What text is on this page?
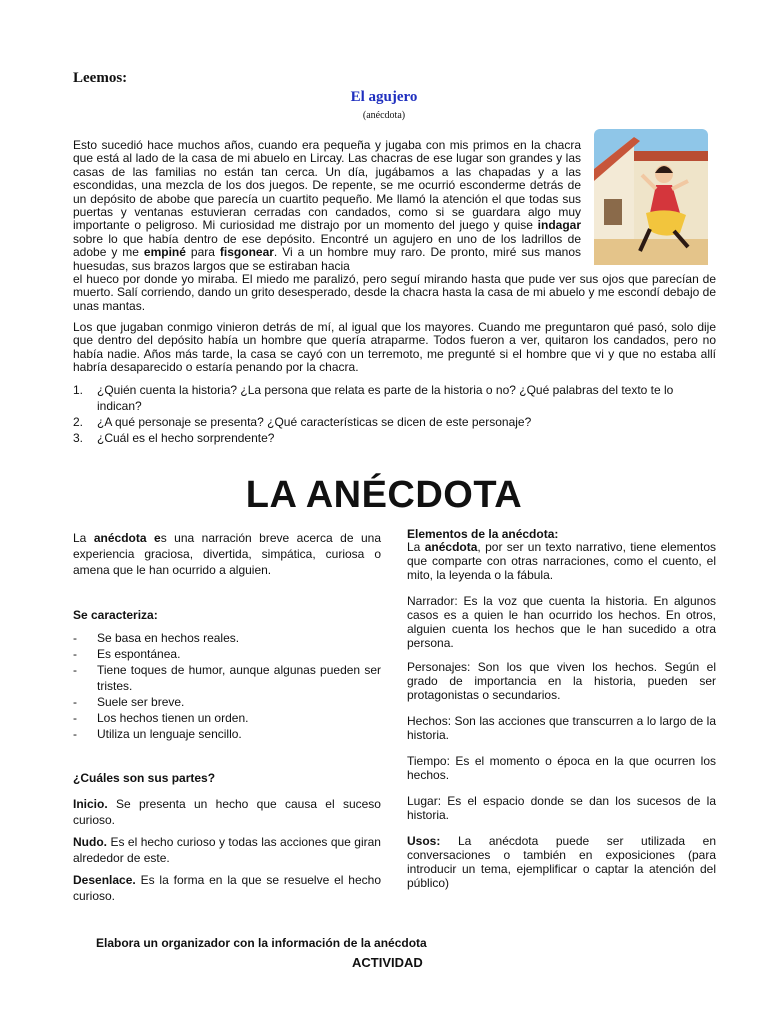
Leemos:
El agujero
(anécdota)
Esto sucedió hace muchos años, cuando era pequeña y jugaba con mis primos en la chacra que está al lado de la casa de mi abuelo en Lircay. Las chacras de ese lugar son grandes y las casas de las familias no están tan cerca. Un día, jugábamos a las chapadas y a las escondidas, una mezcla de los dos juegos. De repente, se me ocurrió esconderme detrás de un depósito de abobe que parecía un cuartito pequeño. Me llamó la atención el que todas sus puertas y ventanas estuvieran cerradas con candados, como si se guardara algo muy importante o peligroso. Mi curiosidad me distrajo por un momento del juego y quise indagar sobre lo que había dentro de ese depósito. Encontré un agujero en uno de los ladrillos de adobe y me empiné para fisgonear. Vi a un hombre muy raro. De pronto, miré sus manos huesudas, sus brazos largos que se estiraban hacia
el hueco por donde yo miraba. El miedo me paralizó, pero seguí mirando hasta que pude ver sus ojos que parecían de muerto. Salí corriendo, dando un grito desesperado, desde la chacra hasta la casa de mi abuelo y me escondí debajo de unas mantas.
Los que jugaban conmigo vinieron detrás de mí, al igual que los mayores. Cuando me preguntaron qué pasó, solo dije que dentro del depósito había un hombre que quería atraparme. Todos fueron a ver, quitaron los candados, pero no había nadie. Años más tarde, la casa se cayó con un terremoto, me pregunté si el hombre que vi y que no estaba allí habría desaparecido o estaría penando por la chacra.
1. ¿Quién cuenta la historia? ¿La persona que relata es parte de la historia o no? ¿Qué palabras del texto te lo indican?
2. ¿A qué personaje se presenta? ¿Qué características se dicen de este personaje?
3. ¿Cuál es el hecho sorprendente?
LA ANÉCDOTA
La anécdota es una narración breve acerca de una experiencia graciosa, divertida, simpática, curiosa o amena que le han ocurrido a alguien.
Se caracteriza:
- Se basa en hechos reales.
- Es espontánea.
- Tiene toques de humor, aunque algunas pueden ser tristes.
- Suele ser breve.
- Los hechos tienen un orden.
- Utiliza un lenguaje sencillo.
¿Cuáles son sus partes?
Inicio. Se presenta un hecho que causa el suceso curioso.
Nudo. Es el hecho curioso y todas las acciones que giran alrededor de este.
Desenlace. Es la forma en la que se resuelve el hecho curioso.
Elementos de la anécdota:
La anécdota, por ser un texto narrativo, tiene elementos que comparte con otras narraciones, como el cuento, el mito, la leyenda o la fábula.
Narrador: Es la voz que cuenta la historia. En algunos casos es a quien le han ocurrido los hechos. En otros, alguien cuenta los hechos que le han sucedido a otra persona.
Personajes: Son los que viven los hechos. Según el grado de importancia en la historia, pueden ser protagonistas o secundarios.
Hechos: Son las acciones que transcurren a lo largo de la historia.
Tiempo: Es el momento o época en la que ocurren los hechos.
Lugar: Es el espacio donde se dan los sucesos de la historia.
Usos: La anécdota puede ser utilizada en conversaciones o también en exposiciones (para introducir un tema, ejemplificar o captar la atención del público)
Elabora un organizador con la información de la anécdota
ACTIVIDAD
